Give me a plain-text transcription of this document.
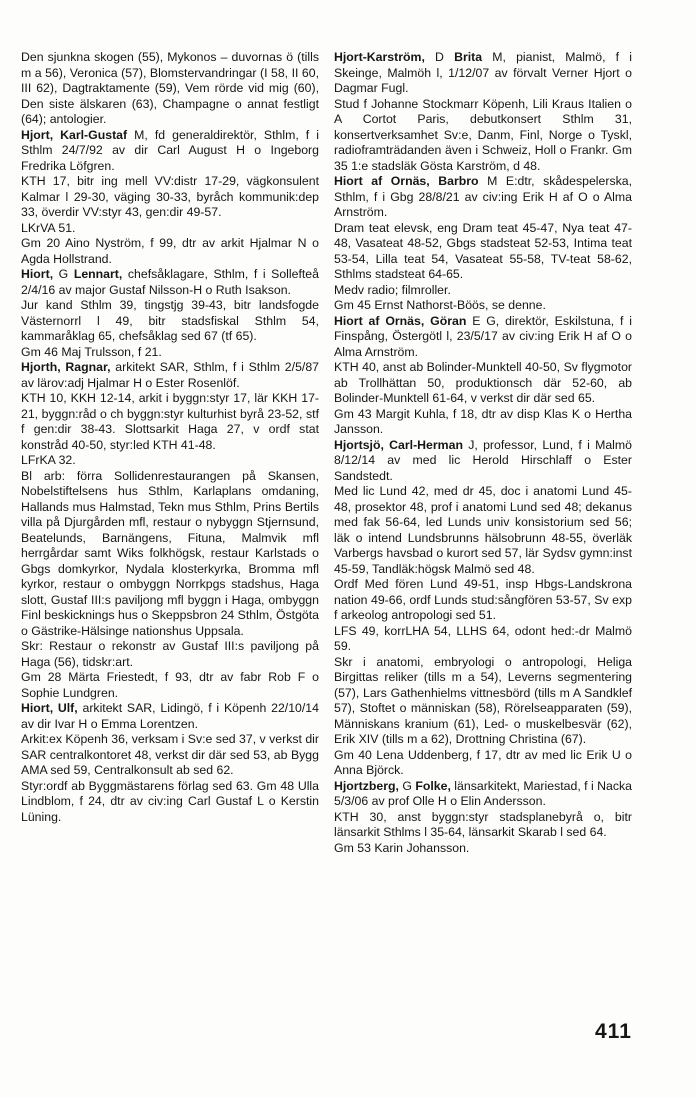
Den sjunkna skogen (55), Mykonos – duvornas ö (tills m a 56), Veronica (57), Blomstervandringar (I 58, II 60, III 62), Dagtraktamente (59), Vem rörde vid mig (60), Den siste älskaren (63), Champagne o annat festligt (64); antologier.

Hjort, Karl-Gustaf M, fd generaldirektör, Sthlm, f i Sthlm 24/7/92 av dir Carl August H o Ingeborg Fredrika Löfgren.

KTH 17, bitr ing mell VV:distr 17-29, vägkonsulent Kalmar l 29-30, väging 30-33, byråch kommunik:dep 33, överdir VV:styr 43, gen:dir 49-57.

LKrVA 51.

Gm 20 Aino Nyström, f 99, dtr av arkit Hjalmar N o Agda Hollstrand.

Hiort, G Lennart, chefsåklagare, Sthlm, f i Sollefteå 2/4/16 av major Gustaf Nilsson-H o Ruth Isakson.

Jur kand Sthlm 39, tingstjg 39-43, bitr landsfogde Västernorrl l 49, bitr stadsfiskal Sthlm 54, kammaråklag 65, chefsåklag sed 67 (tf 65).

Gm 46 Maj Trulsson, f 21.

Hjorth, Ragnar, arkitekt SAR, Sthlm, f i Sthlm 2/5/87 av lärov:adj Hjalmar H o Ester Rosenlöf.

KTH 10, KKH 12-14, arkit i byggn:styr 17, lär KKH 17-21, byggn:råd o ch byggn:styr kulturhist byrå 23-52, stf f gen:dir 38-43. Slottsarkit Haga 27, v ordf stat konstråd 40-50, styr:led KTH 41-48.

LFrKA 32.

Bl arb: förra Sollidenrestaurangen på Skansen, Nobelstiftelsens hus Sthlm, Karlaplans omdaning, Hallands mus Halmstad, Tekn mus Sthlm, Prins Bertils villa på Djurgården mfl, restaur o nybyggn Stjernsund, Beatelunds, Barnängens, Fituna, Malmvik mfl herrgårdar samt Wiks folkhögsk, restaur Karlstads o Gbgs domkyrkor, Nydala klosterkyrka, Bromma mfl kyrkor, restaur o ombyggn Norrkpgs stadshus, Haga slott, Gustaf III:s paviljong mfl byggn i Haga, ombyggn Finl beskicknings hus o Skeppsbron 24 Sthlm, Östgöta o Gästrike-Hälsinge nationshus Uppsala.

Skr: Restaur o rekonstr av Gustaf III:s paviljong på Haga (56), tidskr:art.

Gm 28 Märta Friestedt, f 93, dtr av fabr Rob F o Sophie Lundgren.

Hiort, Ulf, arkitekt SAR, Lidingö, f i Köpenh 22/10/14 av dir Ivar H o Emma Lorentzen.

Arkit:ex Köpenh 36, verksam i Sv:e sed 37, v verkst dir SAR centralkontoret 48, verkst dir där sed 53, ab Bygg AMA sed 59, Centralkonsult ab sed 62.

Styr:ordf ab Byggmästarens förlag sed 63. Gm 48 Ulla Lindblom, f 24, dtr av civ:ing Carl Gustaf L o Kerstin Lüning.

Hjort-Karström, D Brita M, pianist, Malmö, f i Skeinge, Malmöh l, 1/12/07 av förvalt Verner Hjort o Dagmar Fugl.

Stud f Johanne Stockmarr Köpenh, Lili Kraus Italien o A Cortot Paris, debutkonsert Sthlm 31, konsertverksamhet Sv:e, Danm, Finl, Norge o Tyskl, radioframträdanden även i Schweiz, Holl o Frankr. Gm 35 1:e stadsläk Gösta Karström, d 48.

Hiort af Ornäs, Barbro M E:dtr, skådespelerska, Sthlm, f i Gbg 28/8/21 av civ:ing Erik H af O o Alma Arnström.

Dram teat elevsk, eng Dram teat 45-47, Nya teat 47-48, Vasateat 48-52, Gbgs stadsteat 52-53, Intima teat 53-54, Lilla teat 54, Vasateat 55-58, TV-teat 58-62, Sthlms stadsteat 64-65.

Medv radio; filmroller.

Gm 45 Ernst Nathorst-Böös, se denne.

Hiort af Ornäs, Göran E G, direktör, Eskilstuna, f i Finspång, Östergötl l, 23/5/17 av civ:ing Erik H af O o Alma Arnström.

KTH 40, anst ab Bolinder-Munktell 40-50, Sv flygmotor ab Trollhättan 50, produktionsch där 52-60, ab Bolinder-Munktell 61-64, v verkst dir där sed 65.

Gm 43 Margit Kuhla, f 18, dtr av disp Klas K o Hertha Jansson.

Hjortsjö, Carl-Herman J, professor, Lund, f i Malmö 8/12/14 av med lic Herold Hirschlaff o Ester Sandstedt.

Med lic Lund 42, med dr 45, doc i anatomi Lund 45-48, prosektor 48, prof i anatomi Lund sed 48; dekanus med fak 56-64, led Lunds univ konsistorium sed 56; läk o intend Lundsbrunns hälsobrunn 48-55, överläk Varbergs havsbad o kurort sed 57, lär Sydsv gymn:inst 45-59, Tandläk:högsk Malmö sed 48.

Ordf Med fören Lund 49-51, insp Hbgs-Landskrona nation 49-66, ordf Lunds stud:sångfören 53-57, Sv exp f arkeolog antropologi sed 51.

LFS 49, korrLHA 54, LLHS 64, odont hed:-dr Malmö 59.

Skr i anatomi, embryologi o antropologi, Heliga Birgittas reliker (tills m a 54), Leverns segmentering (57), Lars Gathenhielms vittnesbörd (tills m A Sandklef 57), Stoftet o människan (58), Rörelseapparaten (59), Människans kranium (61), Led- o muskelbesvär (62), Erik XIV (tills m a 62), Drottning Christina (67).

Gm 40 Lena Uddenberg, f 17, dtr av med lic Erik U o Anna Björck.

Hjortzberg, G Folke, länsarkitekt, Mariestad, f i Nacka 5/3/06 av prof Olle H o Elin Andersson.

KTH 30, anst byggn:styr stadsplanebyrå o, bitr länsarkit Sthlms l 35-64, länsarkit Skarab l sed 64.

Gm 53 Karin Johansson.

411
